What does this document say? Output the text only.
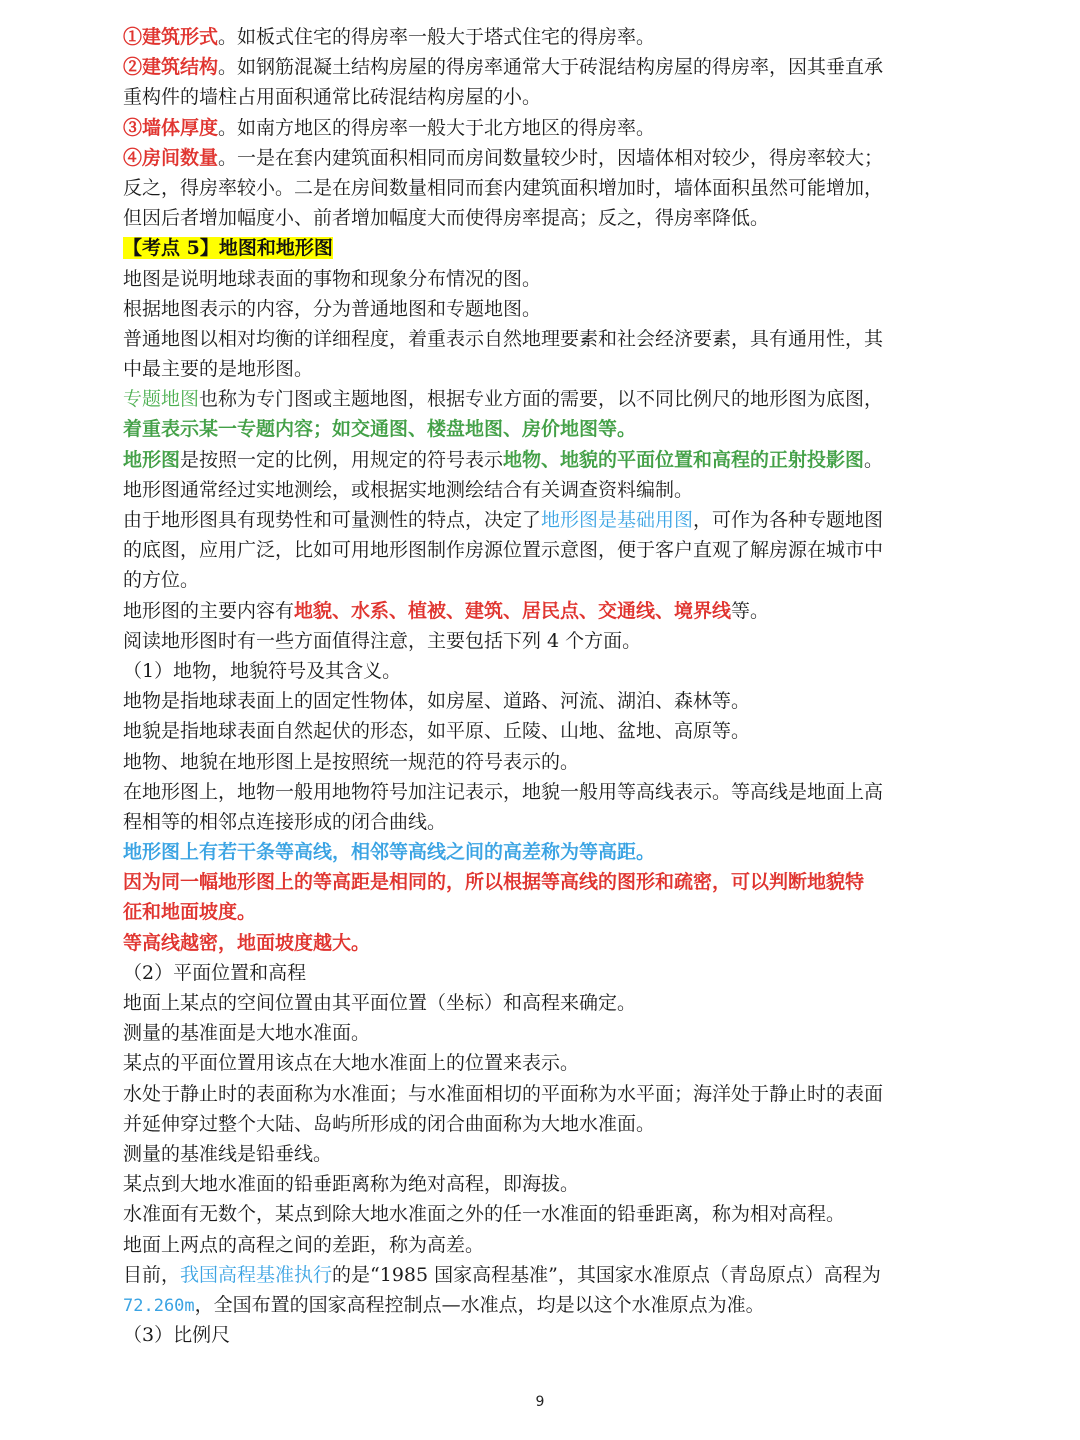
①建筑形式。如板式住宅的得房率一般大于塔式住宅的得房率。
②建筑结构。如钢筋混凝土结构房屋的得房率通常大于砖混结构房屋的得房率，因其垂直承
重构件的墙柱占用面积通常比砖混结构房屋的小。
③墙体厚度。如南方地区的得房率一般大于北方地区的得房率。
④房间数量。一是在套内建筑面积相同而房间数量较少时，因墙体相对较少，得房率较大；
反之，得房率较小。二是在房间数量相同而套内建筑面积增加时，墙体面积虽然可能增加，
但因后者增加幅度小、前者增加幅度大而使得房率提高；反之，得房率降低。
【考点 5】地图和地形图
地图是说明地球表面的事物和现象分布情况的图。
根据地图表示的内容，分为普通地图和专题地图。
普通地图以相对均衡的详细程度，着重表示自然地理要素和社会经济要素，具有通用性，其
中最主要的是地形图。
专题地图也称为专门图或主题地图，根据专业方面的需要，以不同比例尺的地形图为底图，
着重表示某一专题内容；如交通图、楼盘地图、房价地图等。
地形图是按照一定的比例，用规定的符号表示地物、地貌的平面位置和高程的正射投影图。
地形图通常经过实地测绘，或根据实地测绘结合有关调查资料编制。
由于地形图具有现势性和可量测性的特点，决定了地形图是基础用图，可作为各种专题地图
的底图，应用广泛，比如可用地形图制作房源位置示意图，便于客户直观了解房源在城市中
的方位。
地形图的主要内容有地貌、水系、植被、建筑、居民点、交通线、境界线等。
阅读地形图时有一些方面值得注意，主要包括下列 4 个方面。
（1）地物，地貌符号及其含义。
地物是指地球表面上的固定性物体，如房屋、道路、河流、湖泊、森林等。
地貌是指地球表面自然起伏的形态，如平原、丘陵、山地、盆地、高原等。
地物、地貌在地形图上是按照统一规范的符号表示的。
在地形图上，地物一般用地物符号加注记表示，地貌一般用等高线表示。等高线是地面上高
程相等的相邻点连接形成的闭合曲线。
地形图上有若干条等高线，相邻等高线之间的高差称为等高距。
因为同一幅地形图上的等高距是相同的，所以根据等高线的图形和疏密，可以判断地貌特
征和地面坡度。
等高线越密，地面坡度越大。
（2）平面位置和高程
地面上某点的空间位置由其平面位置（坐标）和高程来确定。
测量的基准面是大地水准面。
某点的平面位置用该点在大地水准面上的位置来表示。
水处于静止时的表面称为水准面；与水准面相切的平面称为水平面；海洋处于静止时的表面
并延伸穿过整个大陆、岛屿所形成的闭合曲面称为大地水准面。
测量的基准线是铅垂线。
某点到大地水准面的铅垂距离称为绝对高程，即海拔。
水准面有无数个，某点到除大地水准面之外的任一水准面的铅垂距离，称为相对高程。
地面上两点的高程之间的差距，称为高差。
目前，我国高程基准执行的是“1985 国家高程基准”，其国家水准原点（青岛原点）高程为
72.260m，全国布置的国家高程控制点—水准点，均是以这个水准原点为准。
（3）比例尺
9
